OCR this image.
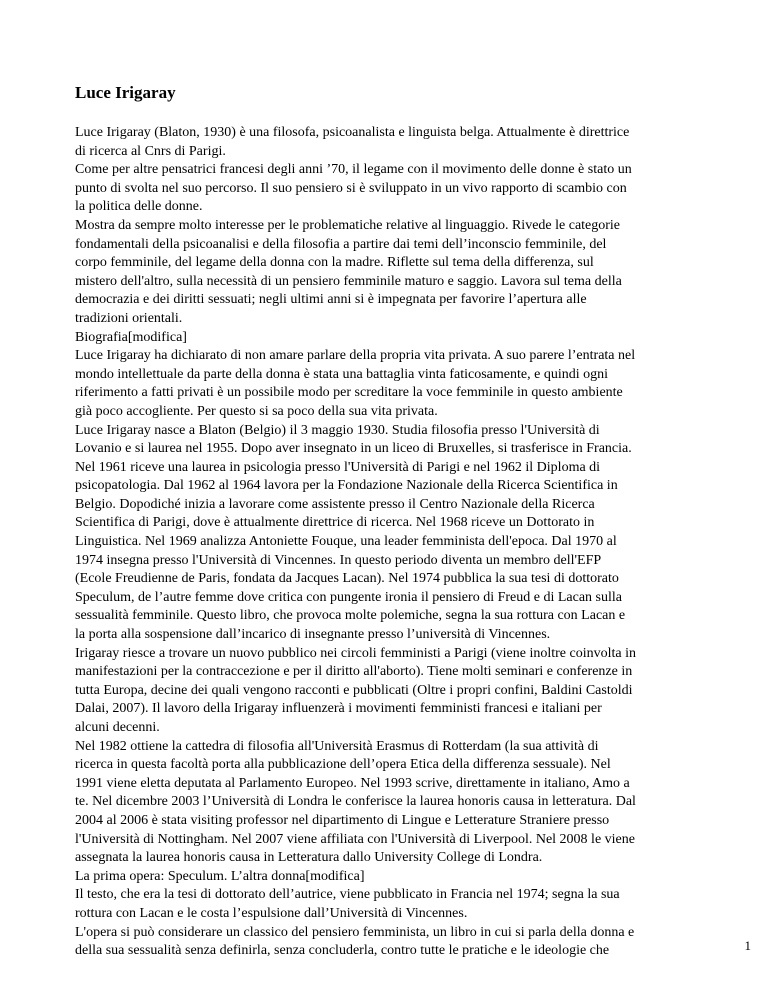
Luce Irigaray

Luce Irigaray (Blaton, 1930) è una filosofa, psicoanalista e linguista belga. Attualmente è direttrice

di ricerca al Cnrs di Parigi.

Come per altre pensatrici francesi degli anni ’70, il legame con il movimento delle donne è stato un

punto di svolta nel suo percorso. Il suo pensiero si è sviluppato in un vivo rapporto di scambio con

la politica delle donne.

Mostra da sempre molto interesse per le problematiche relative al linguaggio. Rivede le categorie

fondamentali della psicoanalisi e della filosofia a partire dai temi dell’inconscio femminile, del

corpo femminile, del legame della donna con la madre. Riflette sul tema della differenza, sul

mistero dell'altro, sulla necessità di un pensiero femminile maturo e saggio. Lavora sul tema della

democrazia e dei diritti sessuati; negli ultimi anni si è impegnata per favorire l’apertura alle

tradizioni orientali.

Biografia[modifica]

Luce Irigaray ha dichiarato di non amare parlare della propria vita privata. A suo parere l’entrata nel

mondo intellettuale da parte della donna è stata una battaglia vinta faticosamente, e quindi ogni

riferimento a fatti privati è un possibile modo per screditare la voce femminile in questo ambiente

già poco accogliente. Per questo si sa poco della sua vita privata.

Luce Irigaray nasce a Blaton (Belgio) il 3 maggio 1930. Studia filosofia presso l'Università di

Lovanio e si laurea nel 1955. Dopo aver insegnato in un liceo di Bruxelles, si trasferisce in Francia.

Nel 1961 riceve una laurea in psicologia presso l'Università di Parigi e nel 1962 il Diploma di

psicopatologia. Dal 1962 al 1964 lavora per la Fondazione Nazionale della Ricerca Scientifica in

Belgio. Dopodiché inizia a lavorare come assistente presso il Centro Nazionale della Ricerca

Scientifica di Parigi, dove è attualmente direttrice di ricerca. Nel 1968 riceve un Dottorato in

Linguistica. Nel 1969 analizza Antoniette Fouque, una leader femminista dell'epoca. Dal 1970 al

1974 insegna presso l'Università di Vincennes. In questo periodo diventa un membro dell'EFP

(Ecole Freudienne de Paris, fondata da Jacques Lacan). Nel 1974 pubblica la sua tesi di dottorato

Speculum, de l’autre femme dove critica con pungente ironia il pensiero di Freud e di Lacan sulla

sessualità femminile. Questo libro, che provoca molte polemiche, segna la sua rottura con Lacan e

la porta alla sospensione dall’incarico di insegnante presso l’università di Vincennes.

Irigaray riesce a trovare un nuovo pubblico nei circoli femministi a Parigi (viene inoltre coinvolta in

manifestazioni per la contraccezione e per il diritto all'aborto). Tiene molti seminari e conferenze in

tutta Europa, decine dei quali vengono racconti e pubblicati (Oltre i propri confini, Baldini Castoldi

Dalai, 2007). Il lavoro della Irigaray influenzerà i movimenti femministi francesi e italiani per

alcuni decenni.

Nel 1982 ottiene la cattedra di filosofia all'Università Erasmus di Rotterdam (la sua attività di

ricerca in questa facoltà porta alla pubblicazione dell’opera Etica della differenza sessuale). Nel

1991 viene eletta deputata al Parlamento Europeo. Nel 1993 scrive, direttamente in italiano, Amo a

te. Nel dicembre 2003 l’Università di Londra le conferisce la laurea honoris causa in letteratura. Dal

2004 al 2006 è stata visiting professor nel dipartimento di Lingue e Letterature Straniere presso

l'Università di Nottingham. Nel 2007 viene affiliata con l'Università di Liverpool. Nel 2008 le viene

assegnata la laurea honoris causa in Letteratura dallo University College di Londra.

La prima opera: Speculum. L’altra donna[modifica]

Il testo, che era la tesi di dottorato dell’autrice, viene pubblicato in Francia nel 1974; segna la sua

rottura con Lacan e le costa l’espulsione dall’Università di Vincennes.

L'opera si può considerare un classico del pensiero femminista, un libro in cui si parla della donna e

della sua sessualità senza definirla, senza concluderla, contro tutte le pratiche e le ideologie che	1
